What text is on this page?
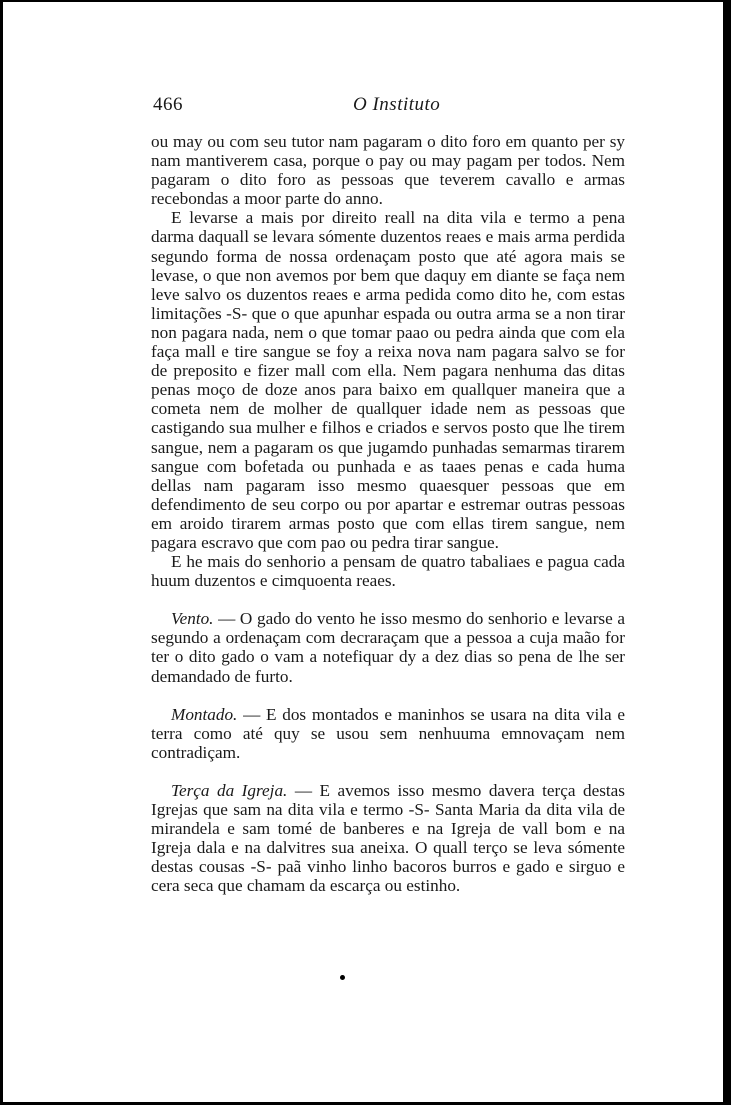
466	O Instituto

ou may ou com seu tutor nam pagaram o dito foro em quanto per sy nam mantiverem casa, porque o pay ou may pagam per todos. Nem pagaram o dito foro as pessoas que teverem cavallo e armas recebondas a moor parte do anno.

E levarse a mais por direito reall na dita vila e termo a pena darma daquall se levara sómente duzentos reaes e mais arma perdida segundo forma de nossa ordenaçam posto que até agora mais se levase, o que non avemos por bem que daquy em diante se faça nem leve salvo os duzentos reaes e arma pedida como dito he, com estas limitações -S- que o que apunhar espada ou outra arma se a non tirar non pagara nada, nem o que tomar paao ou pedra ainda que com ela faça mall e tire sangue se foy a reixa nova nam pagara salvo se for de preposito e fizer mall com ella. Nem pagara nenhuma das ditas penas moço de doze anos para baixo em quallquer maneira que a cometa nem de molher de quallquer idade nem as pessoas que castigando sua mulher e filhos e criados e servos posto que lhe tirem sangue, nem a pagaram os que jugamdo punhadas semarmas tirarem sangue com bofetada ou punhada e as taaes penas e cada huma dellas nam pagaram isso mesmo quaesquer pessoas que em defendimento de seu corpo ou por apartar e estremar outras pessoas em aroido tirarem armas posto que com ellas tirem sangue, nem pagara escravo que com pao ou pedra tirar sangue.

E he mais do senhorio a pensam de quatro tabaliaes e pagua cada huum duzentos e cimquoenta reaes.

Vento. — O gado do vento he isso mesmo do senhorio e levarse a segundo a ordenaçam com decraraçam que a pessoa a cuja maão for ter o dito gado o vam a notefiquar dy a dez dias so pena de lhe ser demandado de furto.

Montado. — E dos montados e maninhos se usara na dita vila e terra como até quy se usou sem nenhuuma emnovaçam nem contradiçam.

Terça da Igreja. — E avemos isso mesmo davera terça destas Igrejas que sam na dita vila e termo -S- Santa Maria da dita vila de mirandela e sam tomé de banberes e na Igreja de vall bom e na Igreja dala e na dalvitres sua aneixa. O quall terço se leva sómente destas cousas -S- paã vinho linho bacoros burros e gado e sirguo e cera seca que chamam da escarça ou estinho.
